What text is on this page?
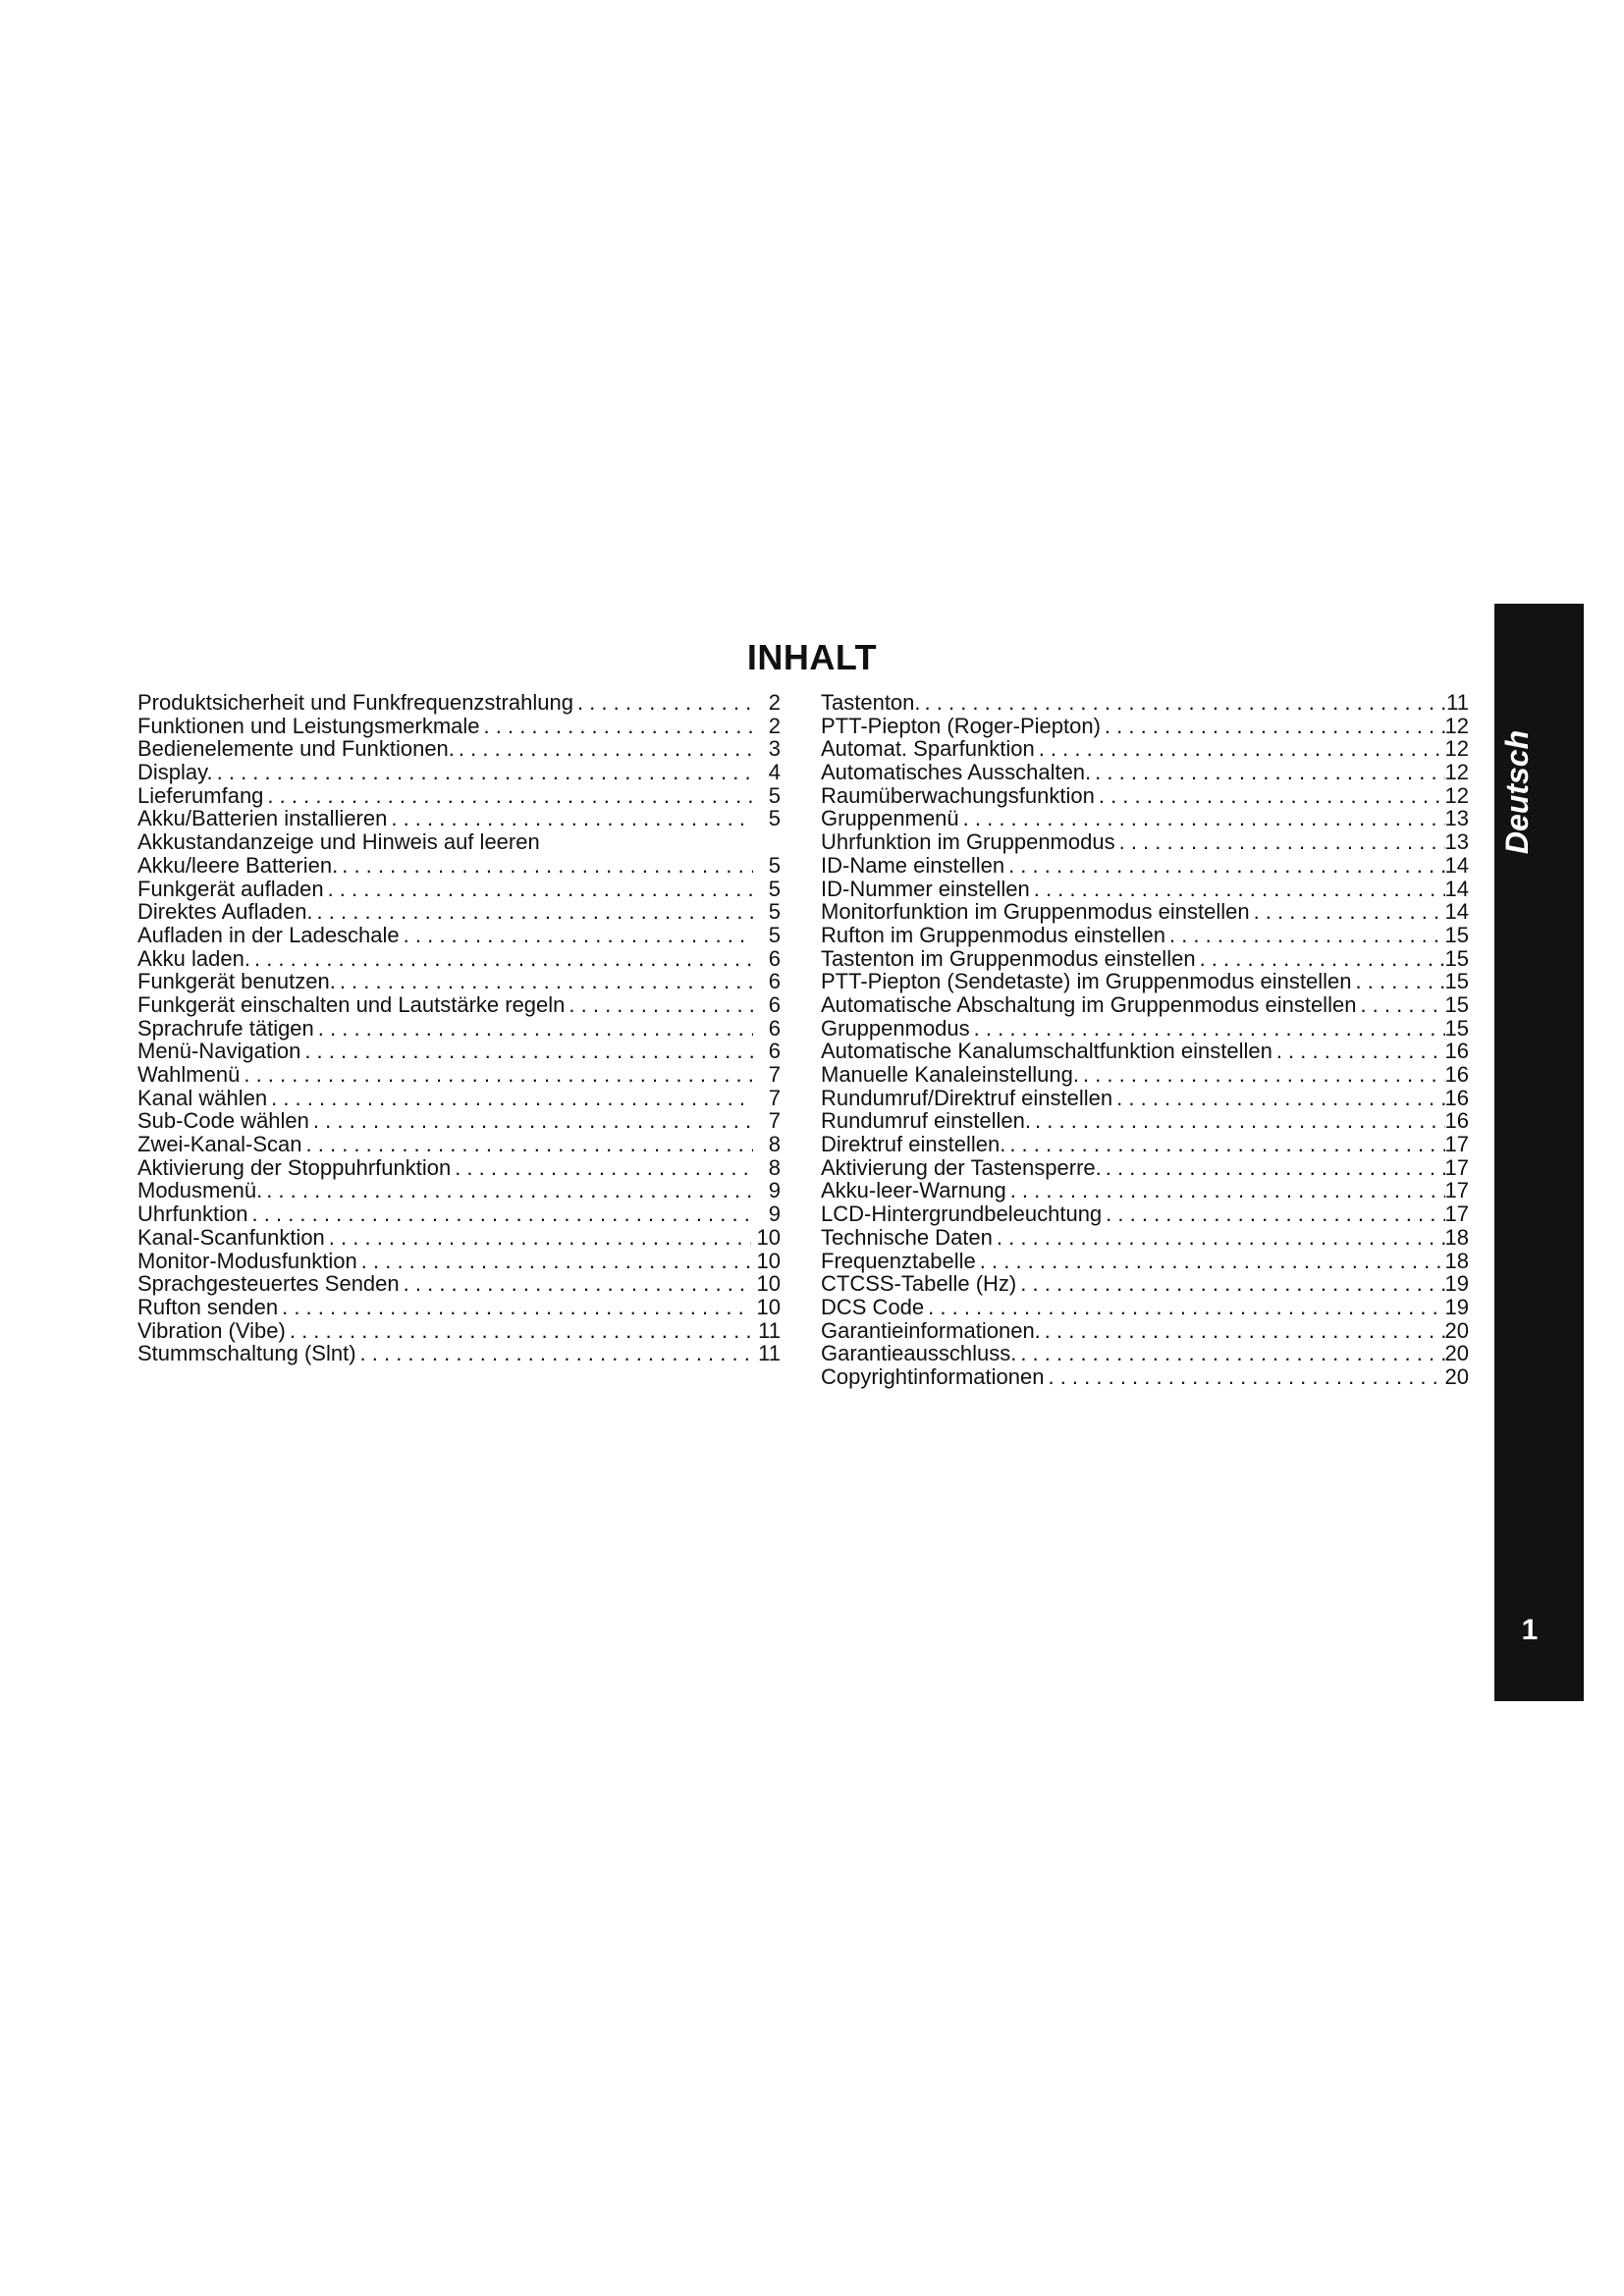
INHALT
Produktsicherheit und Funkfrequenzstrahlung . . .	2
Funktionen und Leistungsmerkmale . . .	2
Bedienelemente und Funktionen. . . .	3
Display. . . .	4
Lieferumfang . . .	5
Akku/Batterien installieren . . .	5
Akkustandanzeige und Hinweis auf leeren
Akku/leere Batterien. . . .	5
Funkgerät aufladen . . .	5
Direktes Aufladen. . . .	5
Aufladen in der Ladeschale . . .	5
Akku laden. . . .	6
Funkgerät benutzen. . . .	6
Funkgerät einschalten und Lautstärke regeln . . .	6
Sprachrufe tätigen . . .	6
Menü-Navigation . . .	6
Wahlmenü . . .	7
Kanal wählen . . .	7
Sub-Code wählen . . .	7
Zwei-Kanal-Scan . . .	8
Aktivierung der Stoppuhrfunktion . . .	8
Modusmenü. . . .	9
Uhrfunktion . . .	9
Kanal-Scanfunktion . . .	10
Monitor-Modusfunktion . . .	10
Sprachgesteuertes Senden . . .	10
Rufton senden . . .	10
Vibration (Vibe) . . .	11
Stummschaltung (Slnt) . . .	11
Tastenton. . . .	11
PTT-Piepton (Roger-Piepton) . . .	12
Automat. Sparfunktion . . .	12
Automatisches Ausschalten. . . .	12
Raumüberwachungsfunktion . . .	12
Gruppenmenü . . .	13
Uhrfunktion im Gruppenmodus . . .	13
ID-Name einstellen . . .	14
ID-Nummer einstellen . . .	14
Monitorfunktion im Gruppenmodus einstellen . . .	14
Rufton im Gruppenmodus einstellen . . .	15
Tastenton im Gruppenmodus einstellen . . .	15
PTT-Piepton (Sendetaste) im Gruppenmodus einstellen . . .	15
Automatische Abschaltung im Gruppenmodus einstellen . . .	15
Gruppenmodus . . .	15
Automatische Kanalumschaltfunktion einstellen . . .	16
Manuelle Kanaleinstellung. . . .	16
Rundumruf/Direktruf einstellen . . .	16
Rundumruf einstellen. . . .	16
Direktruf einstellen. . . .	17
Aktivierung der Tastensperre. . . .	17
Akku-leer-Warnung . . .	17
LCD-Hintergrundbeleuchtung . . .	17
Technische Daten . . .	18
Frequenztabelle . . .	18
CTCSS-Tabelle (Hz) . . .	19
DCS Code . . .	19
Garantieinformationen. . . .	20
Garantieausschluss. . . .	20
Copyrightinformationen . . .	20
Deutsch
1
